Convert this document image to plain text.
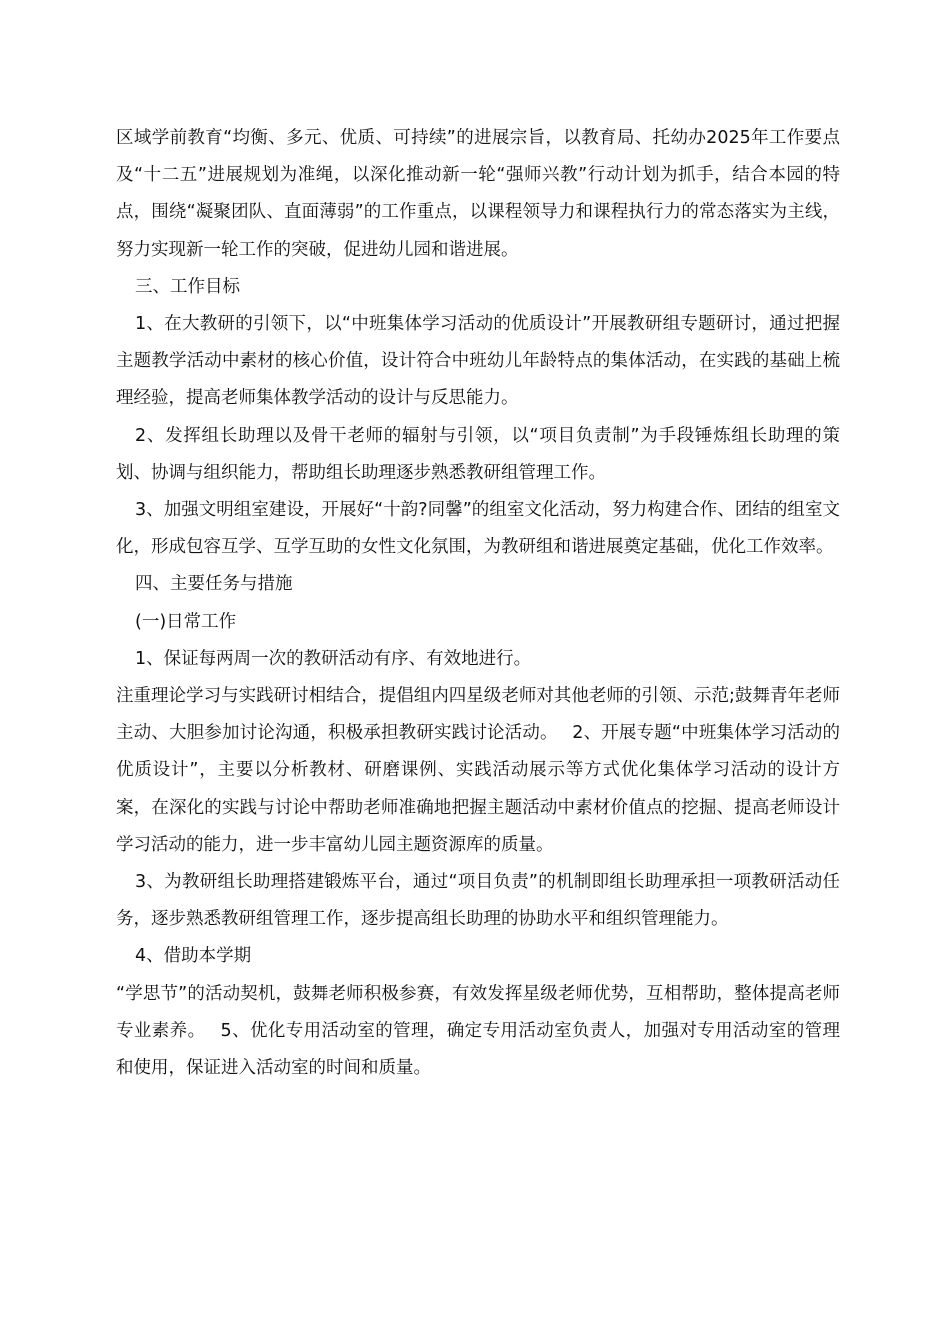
区域学前教育“均衡、多元、优质、可持续”的进展宗旨，以教育局、托幼办2025年工作要点及“十二五”进展规划为准绳，以深化推动新一轮“强师兴教”行动计划为抓手，结合本园的特点，围绕“凝聚团队、直面薄弱”的工作重点，以课程领导力和课程执行力的常态落实为主线，努力实现新一轮工作的突破，促进幼儿园和谐进展。

三、工作目标

1、在大教研的引领下，以“中班集体学习活动的优质设计”开展教研组专题研讨，通过把握主题教学活动中素材的核心价值，设计符合中班幼儿年龄特点的集体活动，在实践的基础上梳理经验，提高老师集体教学活动的设计与反思能力。

2、发挥组长助理以及骨干老师的辐射与引领，以“项目负责制”为手段锤炼组长助理的策划、协调与组织能力，帮助组长助理逐步熟悉教研组管理工作。

3、加强文明组室建设，开展好“十韵?同馨”的组室文化活动，努力构建合作、团结的组室文化，形成包容互学、互学互助的女性文化氛围，为教研组和谐进展奠定基础，优化工作效率。

四、主要任务与措施

(一)日常工作

1、保证每两周一次的教研活动有序、有效地进行。

注重理论学习与实践研讨相结合，提倡组内四星级老师对其他老师的引领、示范;鼓舞青年老师主动、大胆参加讨论沟通，积极承担教研实践讨论活动。　 2、开展专题“中班集体学习活动的优质设计”，主要以分析教材、研磨课例、实践活动展示等方式优化集体学习活动的设计方案，在深化的实践与讨论中帮助老师准确地把握主题活动中素材价值点的挖掘、提高老师设计学习活动的能力，进一步丰富幼儿园主题资源库的质量。

3、为教研组长助理搭建锻炼平台，通过“项目负责”的机制即组长助理承担一项教研活动任务，逐步熟悉教研组管理工作，逐步提高组长助理的协助水平和组织管理能力。

4、借助本学期

“学思节”的活动契机，鼓舞老师积极参赛，有效发挥星级老师优势，互相帮助，整体提高老师专业素养。　 5、优化专用活动室的管理，确定专用活动室负责人，加强对专用活动室的管理和使用，保证进入活动室的时间和质量。
